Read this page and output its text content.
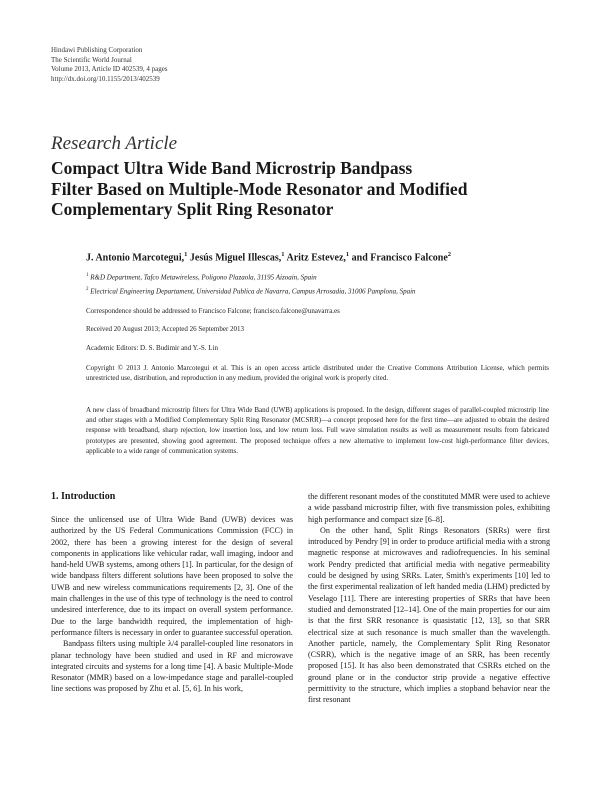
Hindawi Publishing Corporation
The Scientific World Journal
Volume 2013, Article ID 402539, 4 pages
http://dx.doi.org/10.1155/2013/402539
Research Article
Compact Ultra Wide Band Microstrip Bandpass
Filter Based on Multiple-Mode Resonator and Modified
Complementary Split Ring Resonator
J. Antonio Marcotegui,$^1$ Jesús Miguel Illescas,$^1$ Aritz Estevez,$^1$ and Francisco Falcone$^2$
$^1$ R&D Department, Tafco Metawireless, Poligono Plazaola, 31195 Aizoain, Spain
$^2$ Electrical Engineering Departament, Universidad Publica de Navarra, Campus Arrosadia, 31006 Pamplona, Spain
Correspondence should be addressed to Francisco Falcone; francisco.falcone@unavarra.es
Received 20 August 2013; Accepted 26 September 2013
Academic Editors: D. S. Budimir and Y.-S. Lin
Copyright © 2013 J. Antonio Marcotegui et al. This is an open access article distributed under the Creative Commons Attribution License, which permits unrestricted use, distribution, and reproduction in any medium, provided the original work is properly cited.
A new class of broadband microstrip filters for Ultra Wide Band (UWB) applications is proposed. In the design, different stages of parallel-coupled microstrip line and other stages with a Modified Complementary Split Ring Resonator (MCSRR)—a concept proposed here for the first time—are adjusted to obtain the desired response with broadband, sharp rejection, low insertion loss, and low return loss. Full wave simulation results as well as measurement results from fabricated prototypes are presented, showing good agreement. The proposed technique offers a new alternative to implement low-cost high-performance filter devices, applicable to a wide range of communication systems.
1. Introduction

Since the unlicensed use of Ultra Wide Band (UWB) devices was authorized by the US Federal Communications Commission (FCC) in 2002, there has been a growing interest for the design of several components in applications like vehicular radar, wall imaging, indoor and hand-held UWB systems, among others [1]. In particular, for the design of wide bandpass filters different solutions have been proposed to solve the UWB and new wireless communications requirements [2, 3]. One of the main challenges in the use of this type of technology is the need to control undesired interference, due to its impact on overall system performance. Due to the large bandwidth required, the implementation of high-performance filters is necessary in order to guarantee successful operation.

Bandpass filters using multiple λ/4 parallel-coupled line resonators in planar technology have been studied and used in RF and microwave integrated circuits and systems for a long time [4]. A basic Multiple-Mode Resonator (MMR) based on a low-impedance stage and parallel-coupled line sections was proposed by Zhu et al. [5, 6]. In his work,

the different resonant modes of the constituted MMR were used to achieve a wide passband microstrip filter, with five transmission poles, exhibiting high performance and compact size [6–8].

On the other hand, Split Rings Resonators (SRRs) were first introduced by Pendry [9] in order to produce artificial media with a strong magnetic response at microwaves and radiofrequencies. In his seminal work Pendry predicted that artificial media with negative permeability could be designed by using SRRs. Later, Smith's experiments [10] led to the first experimental realization of left handed media (LHM) predicted by Veselago [11]. There are interesting properties of SRRs that have been studied and demonstrated [12–14]. One of the main properties for our aim is that the first SRR resonance is quasistatic [12, 13], so that SRR electrical size at such resonance is much smaller than the wavelength. Another particle, namely, the Complementary Split Ring Resonator (CSRR), which is the negative image of an SRR, has been recently proposed [15]. It has also been demonstrated that CSRRs etched on the ground plane or in the conductor strip provide a negative effective permittivity to the structure, which implies a stopband behavior near the first resonant
